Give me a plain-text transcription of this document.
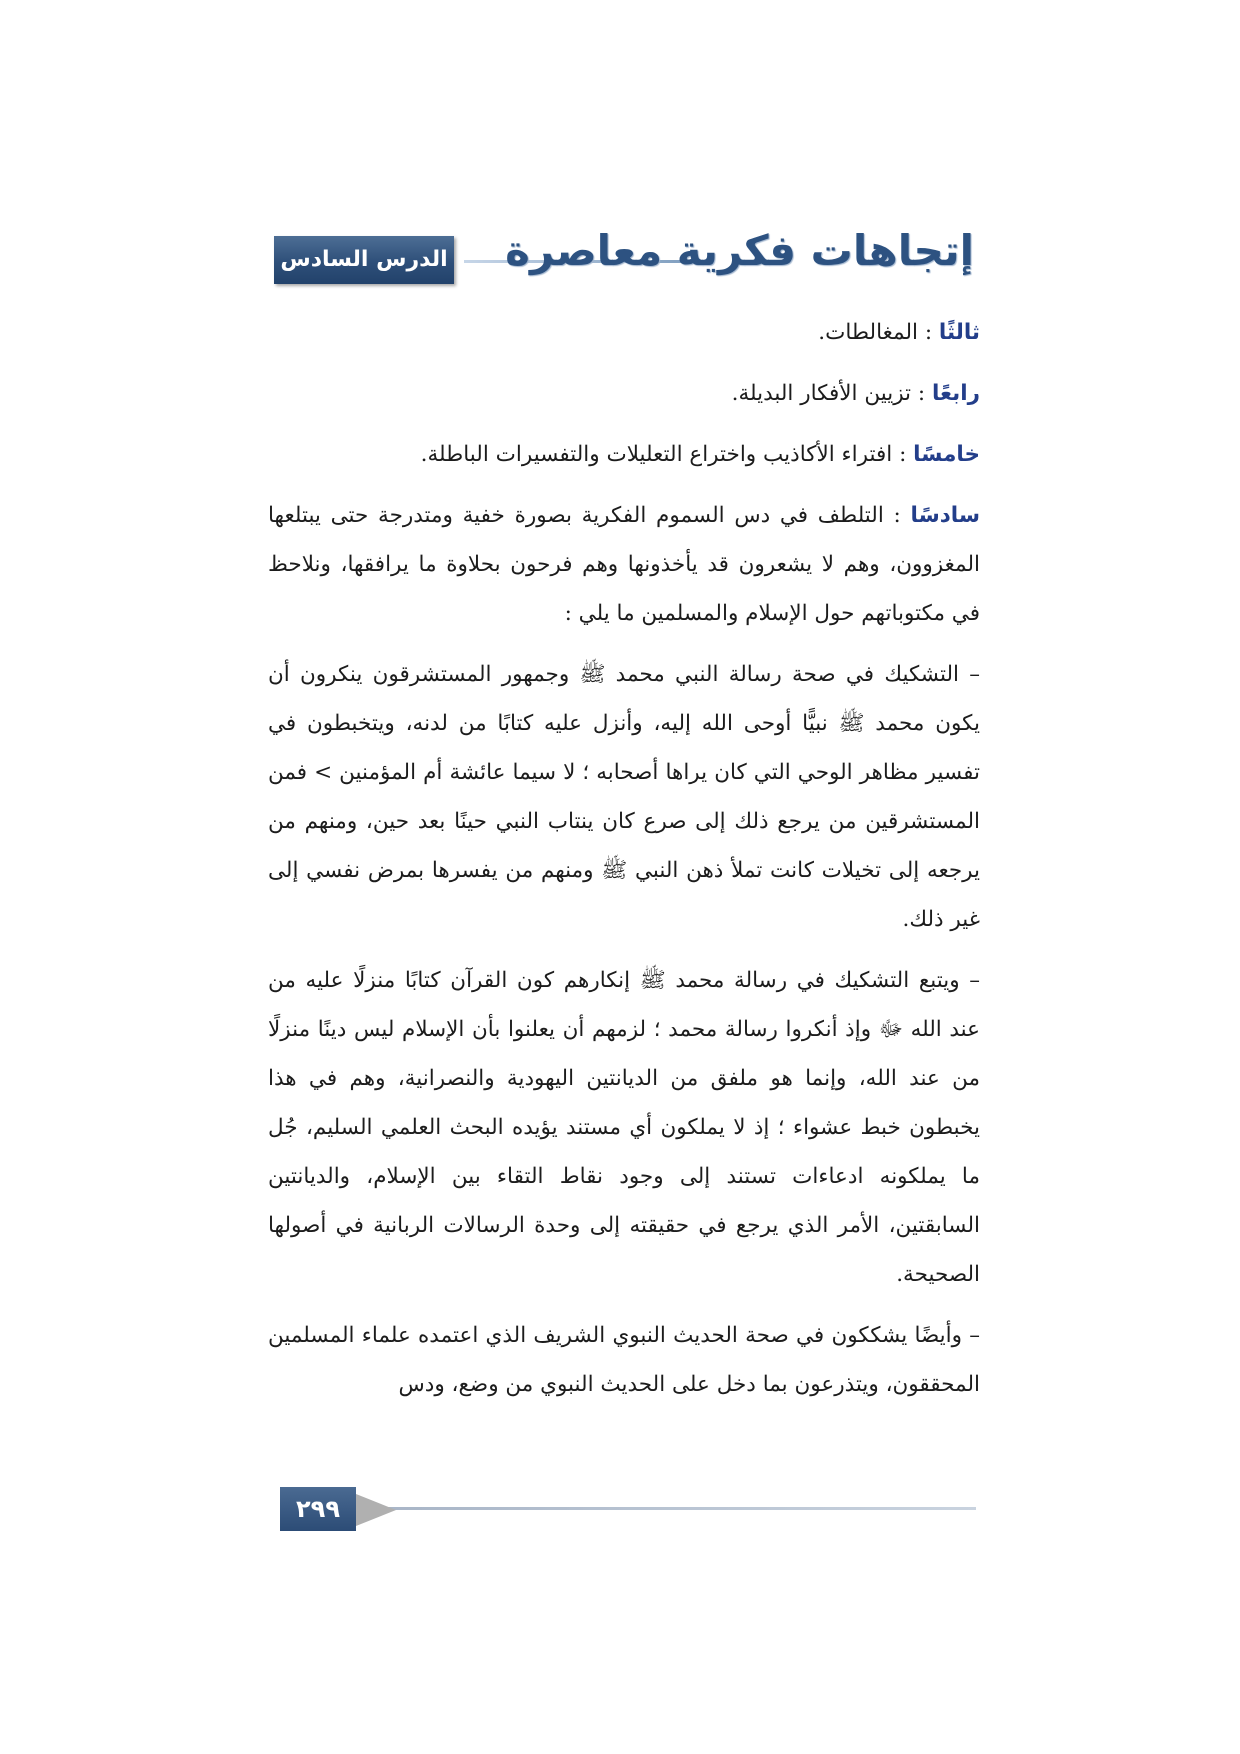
الدرس السادس عشر
إتجاهات فكرية معاصرة

ثالثًا : المغالطات.

رابعًا : تزيين الأفكار البديلة.

خامسًا : افتراء الأكاذيب واختراع التعليلات والتفسيرات الباطلة.

سادسًا : التلطف في دس السموم الفكرية بصورة خفية ومتدرجة حتى يبتلعها المغزوون، وهم لا يشعرون قد يأخذونها وهم فرحون بحلاوة ما يرافقها، ونلاحظ في مكتوباتهم حول الإسلام والمسلمين ما يلي :

– التشكيك في صحة رسالة النبي محمد ﷺ وجمهور المستشرقون ينكرون أن يكون محمد ﷺ نبيًّا أوحى الله إليه، وأنزل عليه كتابًا من لدنه، ويتخبطون في تفسير مظاهر الوحي التي كان يراها أصحابه ؛ لا سيما عائشة أم المؤمنين > فمن المستشرقين من يرجع ذلك إلى صرع كان ينتاب النبي حينًا بعد حين، ومنهم من يرجعه إلى تخيلات كانت تملأ ذهن النبي ﷺ ومنهم من يفسرها بمرض نفسي إلى غير ذلك.

– ويتبع التشكيك في رسالة محمد ﷺ إنكارهم كون القرآن كتابًا منزلًا عليه من عند الله ﷻ وإذ أنكروا رسالة محمد ؛ لزمهم أن يعلنوا بأن الإسلام ليس دينًا منزلًا من عند الله، وإنما هو ملفق من الديانتين اليهودية والنصرانية، وهم في هذا يخبطون خبط عشواء ؛ إذ لا يملكون أي مستند يؤيده البحث العلمي السليم، جُل ما يملكونه ادعاءات تستند إلى وجود نقاط التقاء بين الإسلام، والديانتين السابقتين، الأمر الذي يرجع في حقيقته إلى وحدة الرسالات الربانية في أصولها الصحيحة.

– وأيضًا يشككون في صحة الحديث النبوي الشريف الذي اعتمده علماء المسلمين المحققون، ويتذرعون بما دخل على الحديث النبوي من وضع، ودس

٢٩٩
